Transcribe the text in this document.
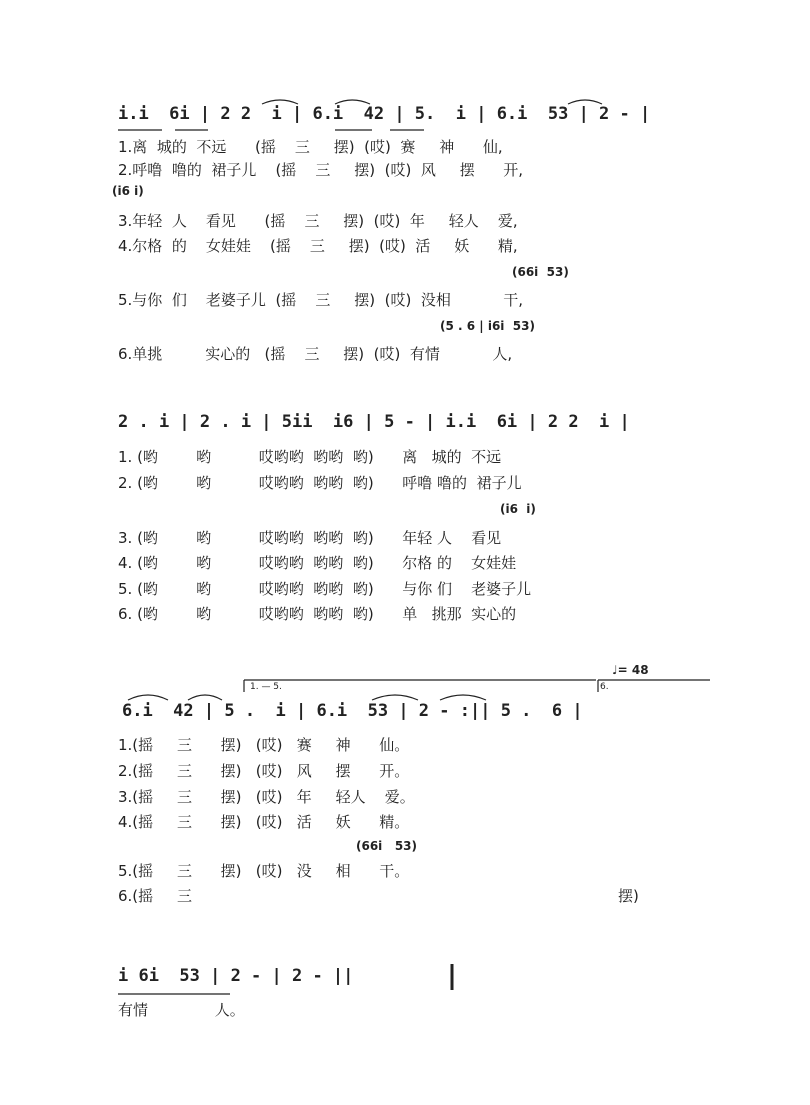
i.i  6i | 2 2  i | 6.i  42 | 5.  i | 6.i  53 | 2 - |
1.离  城的  不远      (摇    三     摆)  (哎)  赛     神      仙,
2.呼噜  噜的  裙子儿    (摇    三     摆)  (哎)  风     摆      开,
(i6 i)
3.年轻  人    看见      (摇    三     摆)  (哎)  年     轻人    爱,
4.尔格  的    女娃娃    (摇    三     摆)  (哎)  活     妖      精,
(66i  53)
5.与你  们    老婆子儿  (摇    三     摆)  (哎)  没相           干,
(5 . 6 | i6i  53)
6.单挑         实心的   (摇    三     摆)  (哎)  有情           人,
2 . i | 2 . i | 5ii  i6 | 5 - | i.i  6i | 2 2  i |
1. (哟        哟          哎哟哟  哟哟  哟)      离   城的  不远
2. (哟        哟          哎哟哟  哟哟  哟)      呼噜 噜的  裙子儿
(i6  i)
3. (哟        哟          哎哟哟  哟哟  哟)      年轻 人    看见
4. (哟        哟          哎哟哟  哟哟  哟)      尔格 的    女娃娃
5. (哟        哟          哎哟哟  哟哟  哟)      与你 们    老婆子儿
6. (哟        哟          哎哟哟  哟哟  哟)      单   挑那  实心的
1. — 5.	6.
♩= 48
6.i  42 | 5 .  i | 6.i  53 | 2 - :|| 5 .  6 |
1.(摇     三      摆)   (哎)   赛     神      仙。
2.(摇     三      摆)   (哎)   风     摆      开。
3.(摇     三      摆)   (哎)   年     轻人    爱。
4.(摇     三      摆)   (哎)   活     妖      精。
(66i   53)
5.(摇     三      摆)   (哎)   没     相      干。
6.(摇     三	摆)
i 6i  53 | 2 - | 2 - ||
有情              人。
